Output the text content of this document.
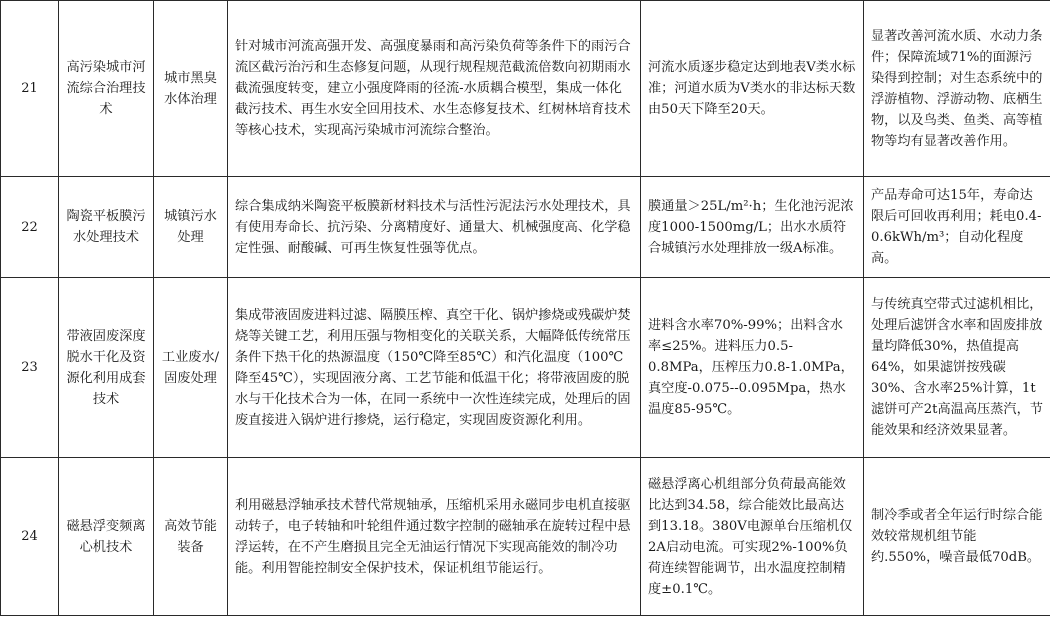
21	高污染城市河流综合治理技术	城市黑臭水体治理	针对城市河流高强开发、高强度暴雨和高污染负荷等条件下的雨污合流区截污治污和生态修复问题，从现行规程规范截流倍数向初期雨水截流强度转变，建立小强度降雨的径流-水质耦合模型，集成一体化截污技术、再生水安全回用技术、水生态修复技术、红树林培育技术等核心技术，实现高污染城市河流综合整治。	河流水质逐步稳定达到地表Ⅴ类水标准；河道水质为Ⅴ类水的非达标天数由50天下降至20天。	显著改善河流水质、水动力条件；保障流域71%的面源污染得到控制；对生态系统中的浮游植物、浮游动物、底栖生物，以及鸟类、鱼类、高等植物等均有显著改善作用。
22	陶瓷平板膜污水处理技术	城镇污水处理	综合集成纳米陶瓷平板膜新材料技术与活性污泥法污水处理技术，具有使用寿命长、抗污染、分离精度好、通量大、机械强度高、化学稳定性强、耐酸碱、可再生恢复性强等优点。	膜通量＞25L/m²·h；生化池污泥浓度1000-1500mg/L；出水水质符合城镇污水处理排放一级A标准。	产品寿命可达15年，寿命达限后可回收再利用；耗电0.4-0.6kWh/m³；自动化程度高。
23	带液固废深度脱水干化及资源化利用成套技术	工业废水/固废处理	集成带液固废进料过滤、隔膜压榨、真空干化、锅炉掺烧或残碳炉焚烧等关键工艺，利用压强与物相变化的关联关系，大幅降低传统常压条件下热干化的热源温度（150℃降至85℃）和汽化温度（100℃降至45℃），实现固液分离、工艺节能和低温干化；将带液固废的脱水与干化技术合为一体，在同一系统中一次性连续完成，处理后的固废直接进入锅炉进行掺烧，运行稳定，实现固废资源化利用。	进料含水率70%-99%；出料含水率≤25%。进料压力0.5-0.8MPa，压榨压力0.8-1.0MPa，真空度-0.075--0.095Mpa，热水温度85-95℃。	与传统真空带式过滤机相比，处理后滤饼含水率和固废排放量均降低30%，热值提高64%，如果滤饼按残碳30%、含水率25%计算，1t滤饼可产2t高温高压蒸汽，节能效果和经济效果显著。
24	磁悬浮变频离心机技术	高效节能装备	利用磁悬浮轴承技术替代常规轴承，压缩机采用永磁同步电机直接驱动转子，电子转轴和叶轮组件通过数字控制的磁轴承在旋转过程中悬浮运转，在不产生磨损且完全无油运行情况下实现高能效的制冷功能。利用智能控制安全保护技术，保证机组节能运行。	磁悬浮离心机组部分负荷最高能效比达到34.58，综合能效比最高达到13.18。380V电源单台压缩机仅2A启动电流。可实现2%-100%负荷连续智能调节，出水温度控制精度±0.1℃。	制冷季或者全年运行时综合能效较常规机组节能约.550%，噪音最低70dB。
